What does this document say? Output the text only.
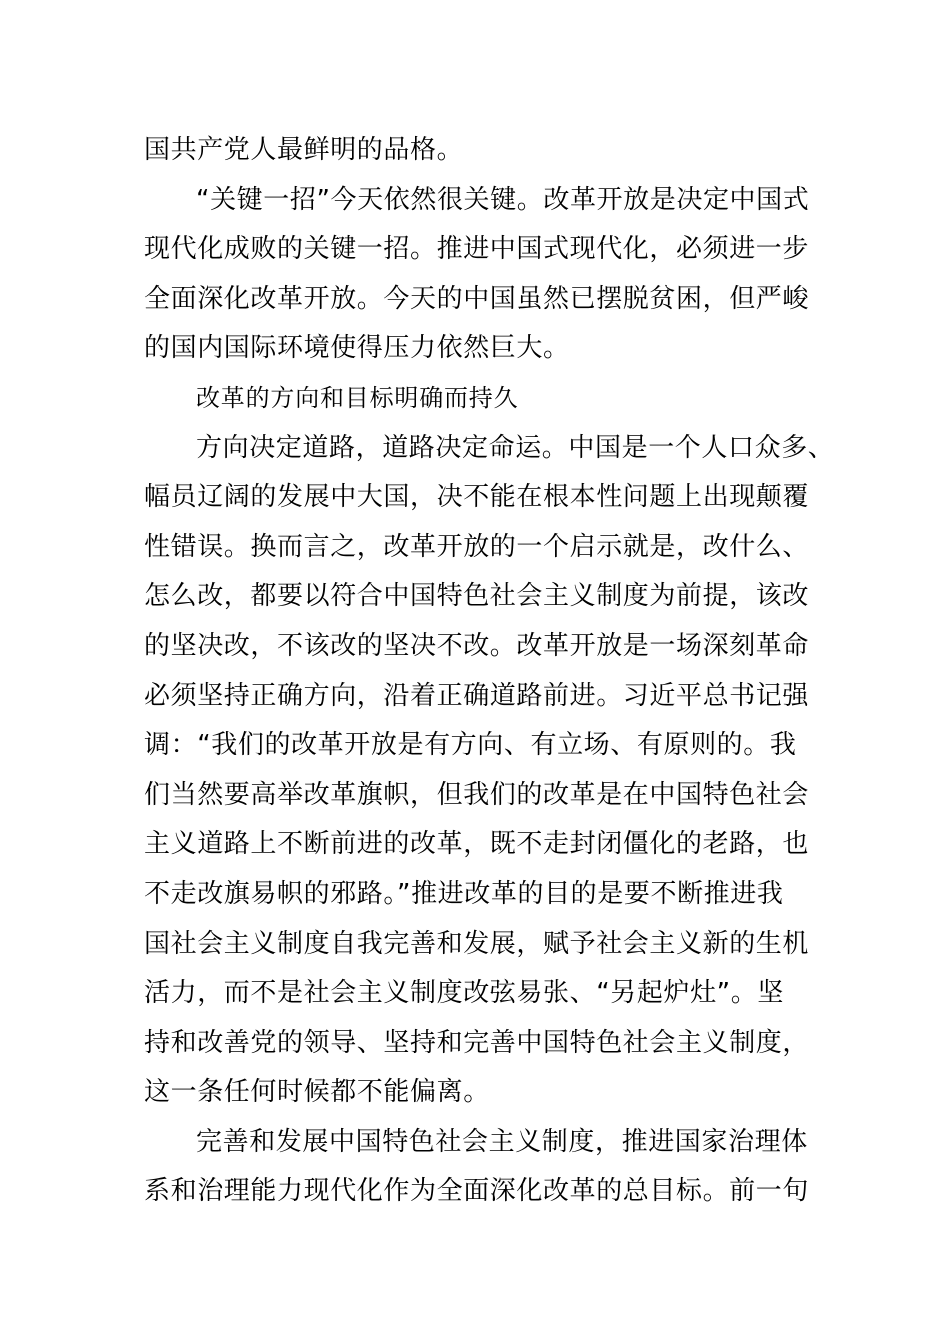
国共产党人最鲜明的品格。

“关键一招”今天依然很关键。改革开放是决定中国式
现代化成败的关键一招。推进中国式现代化，必须进一步
全面深化改革开放。今天的中国虽然已摆脱贫困，但严峻
的国内国际环境使得压力依然巨大。

改革的方向和目标明确而持久

方向决定道路，道路决定命运。中国是一个人口众多、
幅员辽阔的发展中大国，决不能在根本性问题上出现颠覆
性错误。换而言之，改革开放的一个启示就是，改什么、
怎么改，都要以符合中国特色社会主义制度为前提，该改
的坚决改，不该改的坚决不改。改革开放是一场深刻革命
必须坚持正确方向，沿着正确道路前进。习近平总书记强
调：“我们的改革开放是有方向、有立场、有原则的。我
们当然要高举改革旗帜，但我们的改革是在中国特色社会
主义道路上不断前进的改革，既不走封闭僵化的老路，也
不走改旗易帜的邪路。”推进改革的目的是要不断推进我
国社会主义制度自我完善和发展，赋予社会主义新的生机
活力，而不是社会主义制度改弦易张、“另起炉灶”。坚
持和改善党的领导、坚持和完善中国特色社会主义制度，
这一条任何时候都不能偏离。

完善和发展中国特色社会主义制度，推进国家治理体
系和治理能力现代化作为全面深化改革的总目标。前一句
